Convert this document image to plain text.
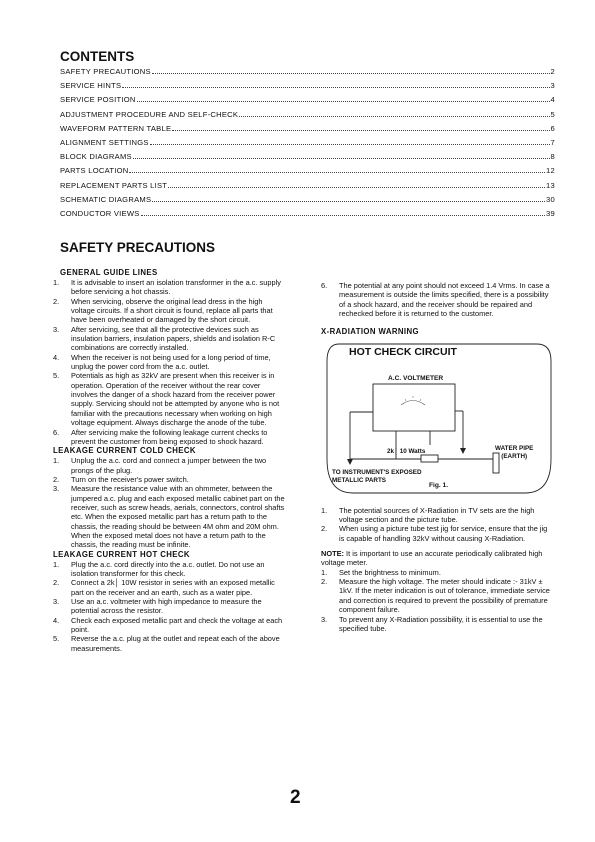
CONTENTS
SAFETY PRECAUTIONS	2
SERVICE HINTS	3
SERVICE POSITION	4
ADJUSTMENT PROCEDURE AND SELF-CHECK	5
WAVEFORM PATTERN TABLE	6
ALIGNMENT SETTINGS	7
BLOCK DIAGRAMS	8
PARTS LOCATION	12
REPLACEMENT PARTS LIST	13
SCHEMATIC DIAGRAMS	30
CONDUCTOR VIEWS	39
SAFETY PRECAUTIONS
GENERAL GUIDE LINES
1.	It is advisable to insert an isolation transformer in the a.c. supply before servicing a hot chassis.
2.	When servicing, observe the original lead dress in the high voltage circuits. If a short circuit is found, replace all parts that have been overheated or damaged by the short circuit.
3.	After servicing, see that all the protective devices such as insulation barriers, insulation papers, shields and isolation R-C combinations are correctly installed.
4.	When the receiver is not being used for a long period of time, unplug the power cord from the a.c. outlet.
5.	Potentials as high as 32kV are present when this receiver is in operation. Operation of the receiver without the rear cover involves the danger of a shock hazard from the receiver power supply. Servicing should not be attempted by anyone who is not familiar with the precautions necessary when working on high voltage equipment. Always discharge the anode of the tube.
6.	After servicing make the following leakage current checks to prevent the customer from being exposed to shock hazard.
LEAKAGE CURRENT COLD CHECK
1.	Unplug the a.c. cord and connect a jumper between the two prongs of the plug.
2.	Turn on the receiver's power switch.
3.	Measure the resistance value with an ohmmeter, between the jumpered a.c. plug and each exposed metallic cabinet part on the receiver, such as screw heads, aerials, connectors, control shafts etc. When the exposed metallic part has a return path to the chassis, the reading should be between 4M ohm and 20M ohm. When the exposed metal does not have a return path to the chassis, the reading must be infinite.
LEAKAGE CURRENT HOT CHECK
1.	Plug the a.c. cord directly into the a.c. outlet. Do not use an isolation transformer for this check.
2.	Connect a 2k│ 10W resistor in series with an exposed metallic part on the receiver and an earth, such as a water pipe.
3.	Use an a.c. voltmeter with high impedance to measure the potential across the resistor.
4.	Check each exposed metallic part and check the voltage at each point.
5.	Reverse the a.c. plug at the outlet and repeat each of the above measurements.
6.	The potential at any point should not exceed 1.4 Vrms. In case a measurement is outside the limits specified, there is a possibility of a shock hazard, and the receiver should be repaired and rechecked before it is returned to the customer.
X-RADIATION WARNING
HOT CHECK CIRCUIT
A.C. VOLTMETER
2k│ 10 Watts	WATER PIPE
(EARTH)
TO INSTRUMENT'S EXPOSED
METALLIC PARTS
Fig. 1.
1.	The potential sources of X-Radiation in TV sets are the high voltage section and the picture tube.
2.	When using a picture tube test jig for service, ensure that the jig is capable of handling 32kV without causing X-Radiation.
NOTE: It is important to use an accurate periodically calibrated high voltage meter.
1.	Set the brightness to minimum.
2.	Measure the high voltage. The meter should indicate :- 31kV ± 1kV. If the meter indication is out of tolerance, immediate service and correction is required to prevent the possibility of premature component failure.
3.	To prevent any X-Radiation possibility, it is essential to use the specified tube.
2
